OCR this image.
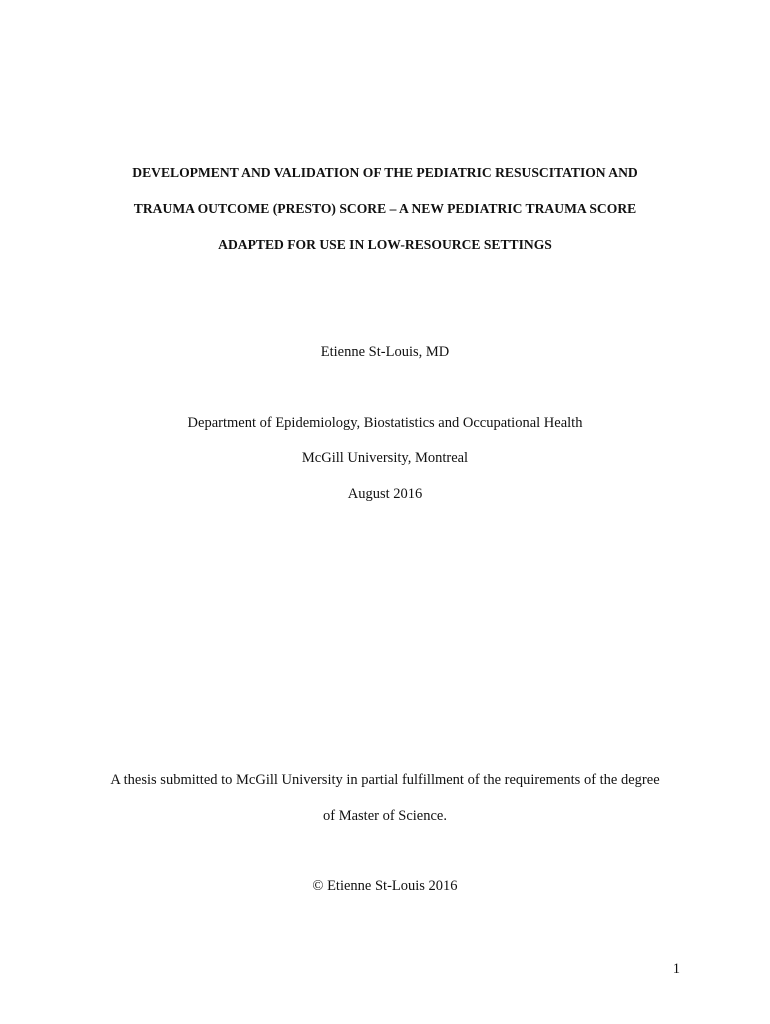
DEVELOPMENT AND VALIDATION OF THE PEDIATRIC RESUSCITATION AND
TRAUMA OUTCOME (PRESTO) SCORE – A NEW PEDIATRIC TRAUMA SCORE
ADAPTED FOR USE IN LOW-RESOURCE SETTINGS
Etienne St-Louis, MD
Department of Epidemiology, Biostatistics and Occupational Health
McGill University, Montreal
August 2016
A thesis submitted to McGill University in partial fulfillment of the requirements of the degree
of Master of Science.
© Etienne St-Louis 2016
1
